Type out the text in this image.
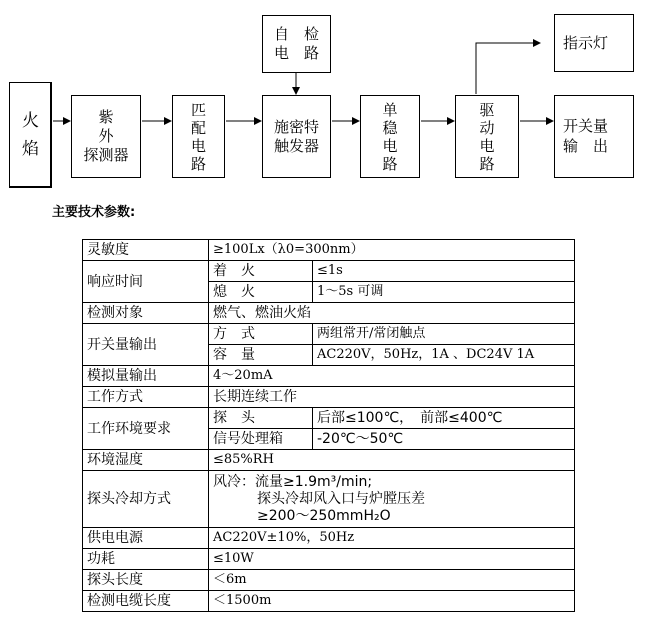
火
焰
紫
外
探测器
匹
配
电
路
施密特
触发器
自　检
电　路
单
稳
电
路
驱
动
电
路
指示灯
开关量
输　出
主要技术参数:
灵敏度	≥100Lx（λ0=300nm）	
响应时间	着　火	≤1s
	熄　火	1～5s 可调
检测对象	燃气、燃油火焰	
开关量输出	方　式	两组常开/常闭触点
	容　量	AC220V，50Hz，1A 、DC24V 1A
模拟量输出	4～20mA	
工作方式	长期连续工作	
工作环境要求	探　头	后部≤100℃，　前部≤400℃
	信号处理箱	-20℃～50℃
环境湿度	≤85%RH	
探头冷却方式	风冷：流量≥1.9m³/min;
探头冷却风入口与炉膛压差
≥200～250mmH₂O	

供电电源	AC220V±10%，50Hz	
功耗	≤10W	
探头长度	＜6m	
检测电缆长度	＜1500m	
